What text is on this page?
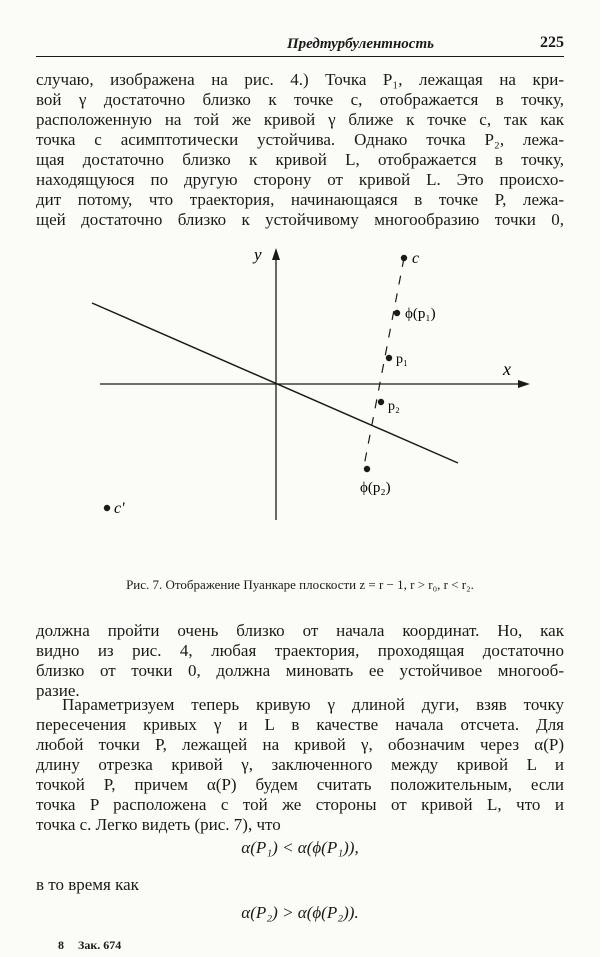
Предтурбулентность	225
случаю, изображена на рис. 4.) Точка P₁, лежащая на кри-
вой γ достаточно близко к точке c, отображается в точку,
расположенную на той же кривой γ ближе к точке c, так как
точка c асимптотически устойчива. Однако точка P₂, лежа-
щая достаточно близко к кривой L, отображается в точку,
находящуюся по другую сторону от кривой L. Это происхо-
дит потому, что траектория, начинающаяся в точке P, лежа-
щей достаточно близко к устойчивому многообразию точки 0,
y
x
c
ϕ(p₁)
p₁
p₂
ϕ(p₂)
c'
Рис. 7. Отображение Пуанкаре плоскости z = r − 1, r > r₀, r < r₂.
должна пройти очень близко от начала координат. Но, как
видно из рис. 4, любая траектория, проходящая достаточно
близко от точки 0, должна миновать ее устойчивое многооб-
разие.
Параметризуем теперь кривую γ длиной дуги, взяв точку
пересечения кривых γ и L в качестве начала отсчета. Для
любой точки P, лежащей на кривой γ, обозначим через α(P)
длину отрезка кривой γ, заключенного между кривой L и
точкой P, причем α(P) будем считать положительным, если
точка P расположена с той же стороны от кривой L, что и
точка c. Легко видеть (рис. 7), что
α(P₁) < α(ϕ(P₁)),
в то время как
α(P₂) > α(ϕ(P₂)).
8 Зак. 674
